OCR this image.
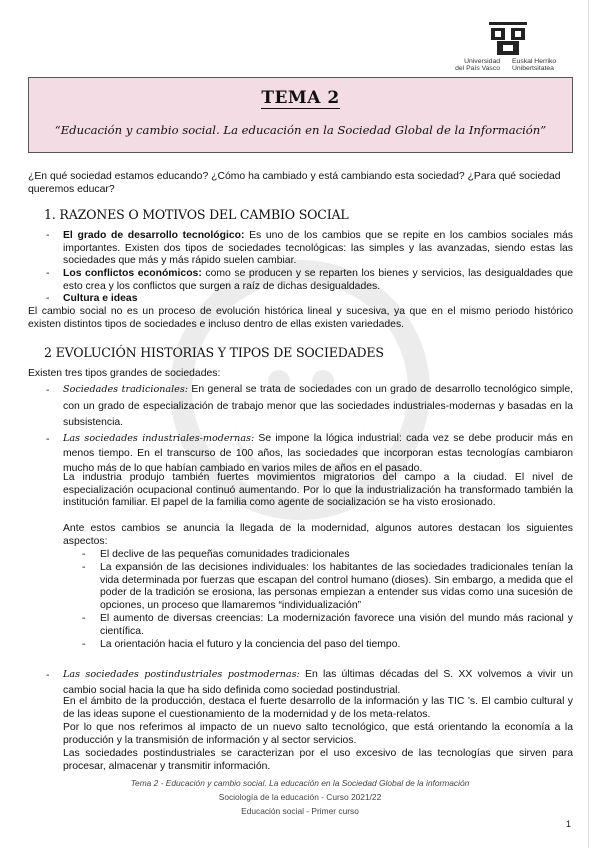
Universidad
del País Vasco
Euskal Herriko
Unibertsitatea
TEMA 2
“Educación y cambio social. La educación en la Sociedad Global de la Información”

¿En qué sociedad estamos educando? ¿Cómo ha cambiado y está cambiando esta sociedad? ¿Para qué sociedad queremos educar?

1. RAZONES O MOTIVOS DEL CAMBIO SOCIAL
- El grado de desarrollo tecnológico: Es uno de los cambios que se repite en los cambios sociales más importantes. Existen dos tipos de sociedades tecnológicas: las simples y las avanzadas, siendo estas las sociedades que más y más rápido suelen cambiar.

- Los conflictos económicos: como se producen y se reparten los bienes y servicios, las desigualdades que esto crea y los conflictos que surgen a raíz de dichas desigualdades.

- Cultura e ideas

El cambio social no es un proceso de evolución histórica lineal y sucesiva, ya que en el mismo periodo histórico existen distintos tipos de sociedades e incluso dentro de ellas existen variedades.

2 EVOLUCIÓN HISTORIAS Y TIPOS DE SOCIEDADES

Existen tres tipos grandes de sociedades:

- Sociedades tradicionales: En general se trata de sociedades con un grado de desarrollo tecnológico simple, con un grado de especialización de trabajo menor que las sociedades industriales-modernas y basadas en la subsistencia.

- Las sociedades industriales-modernas: Se impone la lógica industrial: cada vez se debe producir más en menos tiempo. En el transcurso de 100 años, las sociedades que incorporan estas tecnologías cambiaron mucho más de lo que habían cambiado en varios miles de años en el pasado.

La industria produjo también fuertes movimientos migratorios del campo a la ciudad. El nivel de especialización ocupacional continuó aumentando. Por lo que la industrialización ha transformado también la institución familiar. El papel de la familia como agente de socialización se ha visto erosionado.

Ante estos cambios se anuncia la llegada de la modernidad, algunos autores destacan los siguientes aspectos:

- El declive de las pequeñas comunidades tradicionales

- La expansión de las decisiones individuales: los habitantes de las sociedades tradicionales tenían la vida determinada por fuerzas que escapan del control humano (dioses). Sin embargo, a medida que el poder de la tradición se erosiona, las personas empiezan a entender sus vidas como una sucesión de opciones, un proceso que llamaremos “individualización”

- El aumento de diversas creencias: La modernización favorece una visión del mundo más racional y científica.

- La orientación hacia el futuro y la conciencia del paso del tiempo.

- Las sociedades postindustriales postmodernas: En las últimas décadas del S. XX volvemos a vivir un cambio social hacia la que ha sido definida como sociedad postindustrial.

En el ámbito de la producción, destaca el fuerte desarrollo de la información y las TIC ’s. El cambio cultural y de las ideas supone el cuestionamiento de la modernidad y de los meta-relatos.

Por lo que nos referimos al impacto de un nuevo salto tecnológico, que está orientando la economía a la producción y la transmisión de información y al sector servicios.

Las sociedades postindustriales se caracterizan por el uso excesivo de las tecnologías que sirven para procesar, almacenar y transmitir información.

Tema 2 - Educación y cambio social. La educación en la Sociedad Global de la información
Sociología de la educación - Curso 2021/22
Educación social - Primer curso
1
